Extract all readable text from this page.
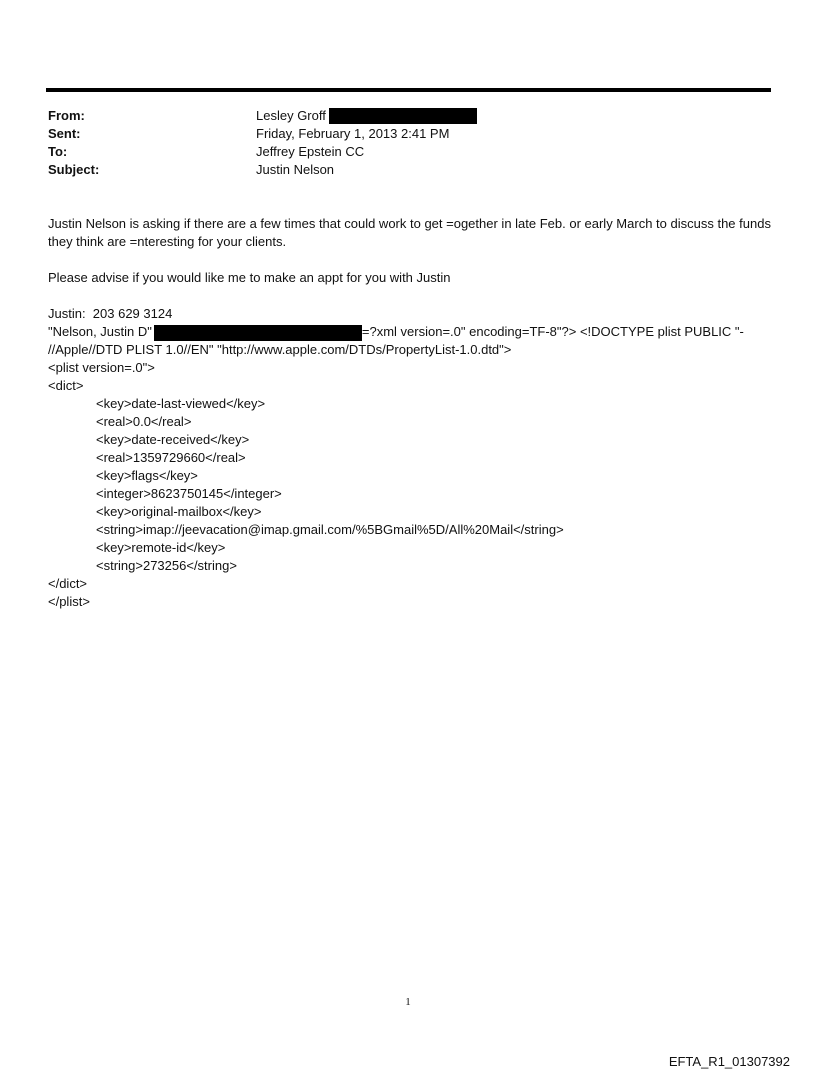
From:	Lesley Groff
Sent:	Friday, February 1, 2013 2:41 PM
To:	Jeffrey Epstein CC
Subject:	Justin Nelson

Justin Nelson is asking if there are a few times that could work to get =ogether in late Feb. or early March to discuss the funds they think are =nteresting for your clients.

Please advise if you would like me to make an appt for you with Justin

Justin:  203 629 3124
"Nelson, Justin D"	=?xml version=.0" encoding=TF-8"?> <!DOCTYPE plist PUBLIC "-
//Apple//DTD PLIST 1.0//EN" "http://www.apple.com/DTDs/PropertyList-1.0.dtd">
<plist version=.0">
<dict>
<key>date-last-viewed</key>
<real>0.0</real>
<key>date-received</key>
<real>1359729660</real>
<key>flags</key>
<integer>8623750145</integer>
<key>original-mailbox</key>
<string>imap://jeevacation@imap.gmail.com/%5BGmail%5D/All%20Mail</string>
<key>remote-id</key>
<string>273256</string>
</dict>
</plist>
1
EFTA_R1_01307392
